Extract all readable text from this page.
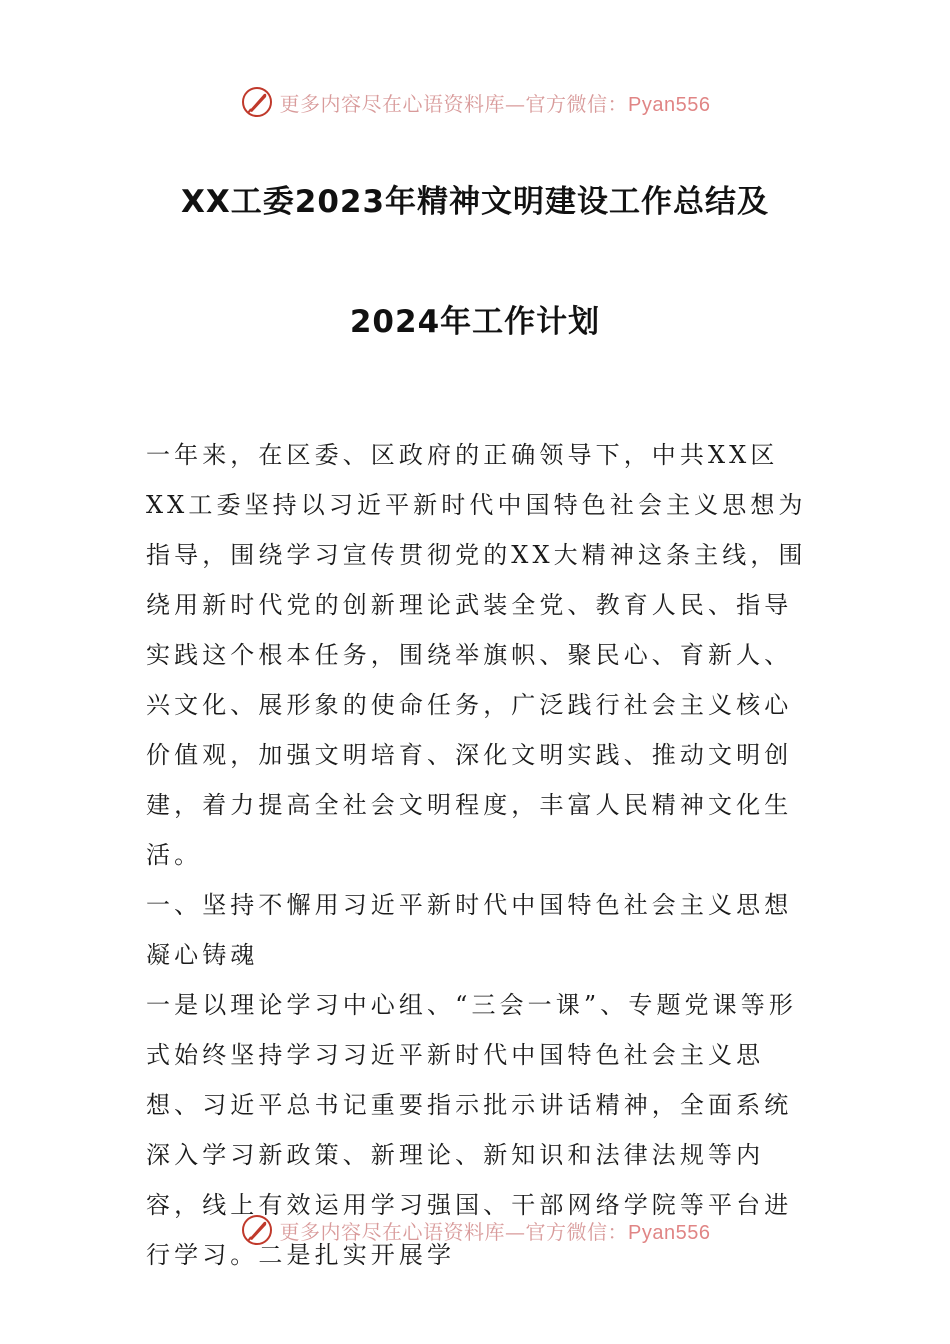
更多内容尽在心语资料库—官方微信：Pyan556
XX工委2023年精神文明建设工作总结及
2024年工作计划

一年来，在区委、区政府的正确领导下，中共XX区XX工委坚持以习近平新时代中国特色社会主义思想为指导，围绕学习宣传贯彻党的XX大精神这条主线，围绕用新时代党的创新理论武装全党、教育人民、指导实践这个根本任务，围绕举旗帜、聚民心、育新人、兴文化、展形象的使命任务，广泛践行社会主义核心价值观，加强文明培育、深化文明实践、推动文明创建，着力提高全社会文明程度，丰富人民精神文化生活。

一、坚持不懈用习近平新时代中国特色社会主义思想凝心铸魂

一是以理论学习中心组、“三会一课”、专题党课等形式始终坚持学习习近平新时代中国特色社会主义思想、习近平总书记重要指示批示讲话精神，全面系统深入学习新政策、新理论、新知识和法律法规等内容，线上有效运用学习强国、干部网络学院等平台进行学习。二是扎实开展学

更多内容尽在心语资料库—官方微信：Pyan556
